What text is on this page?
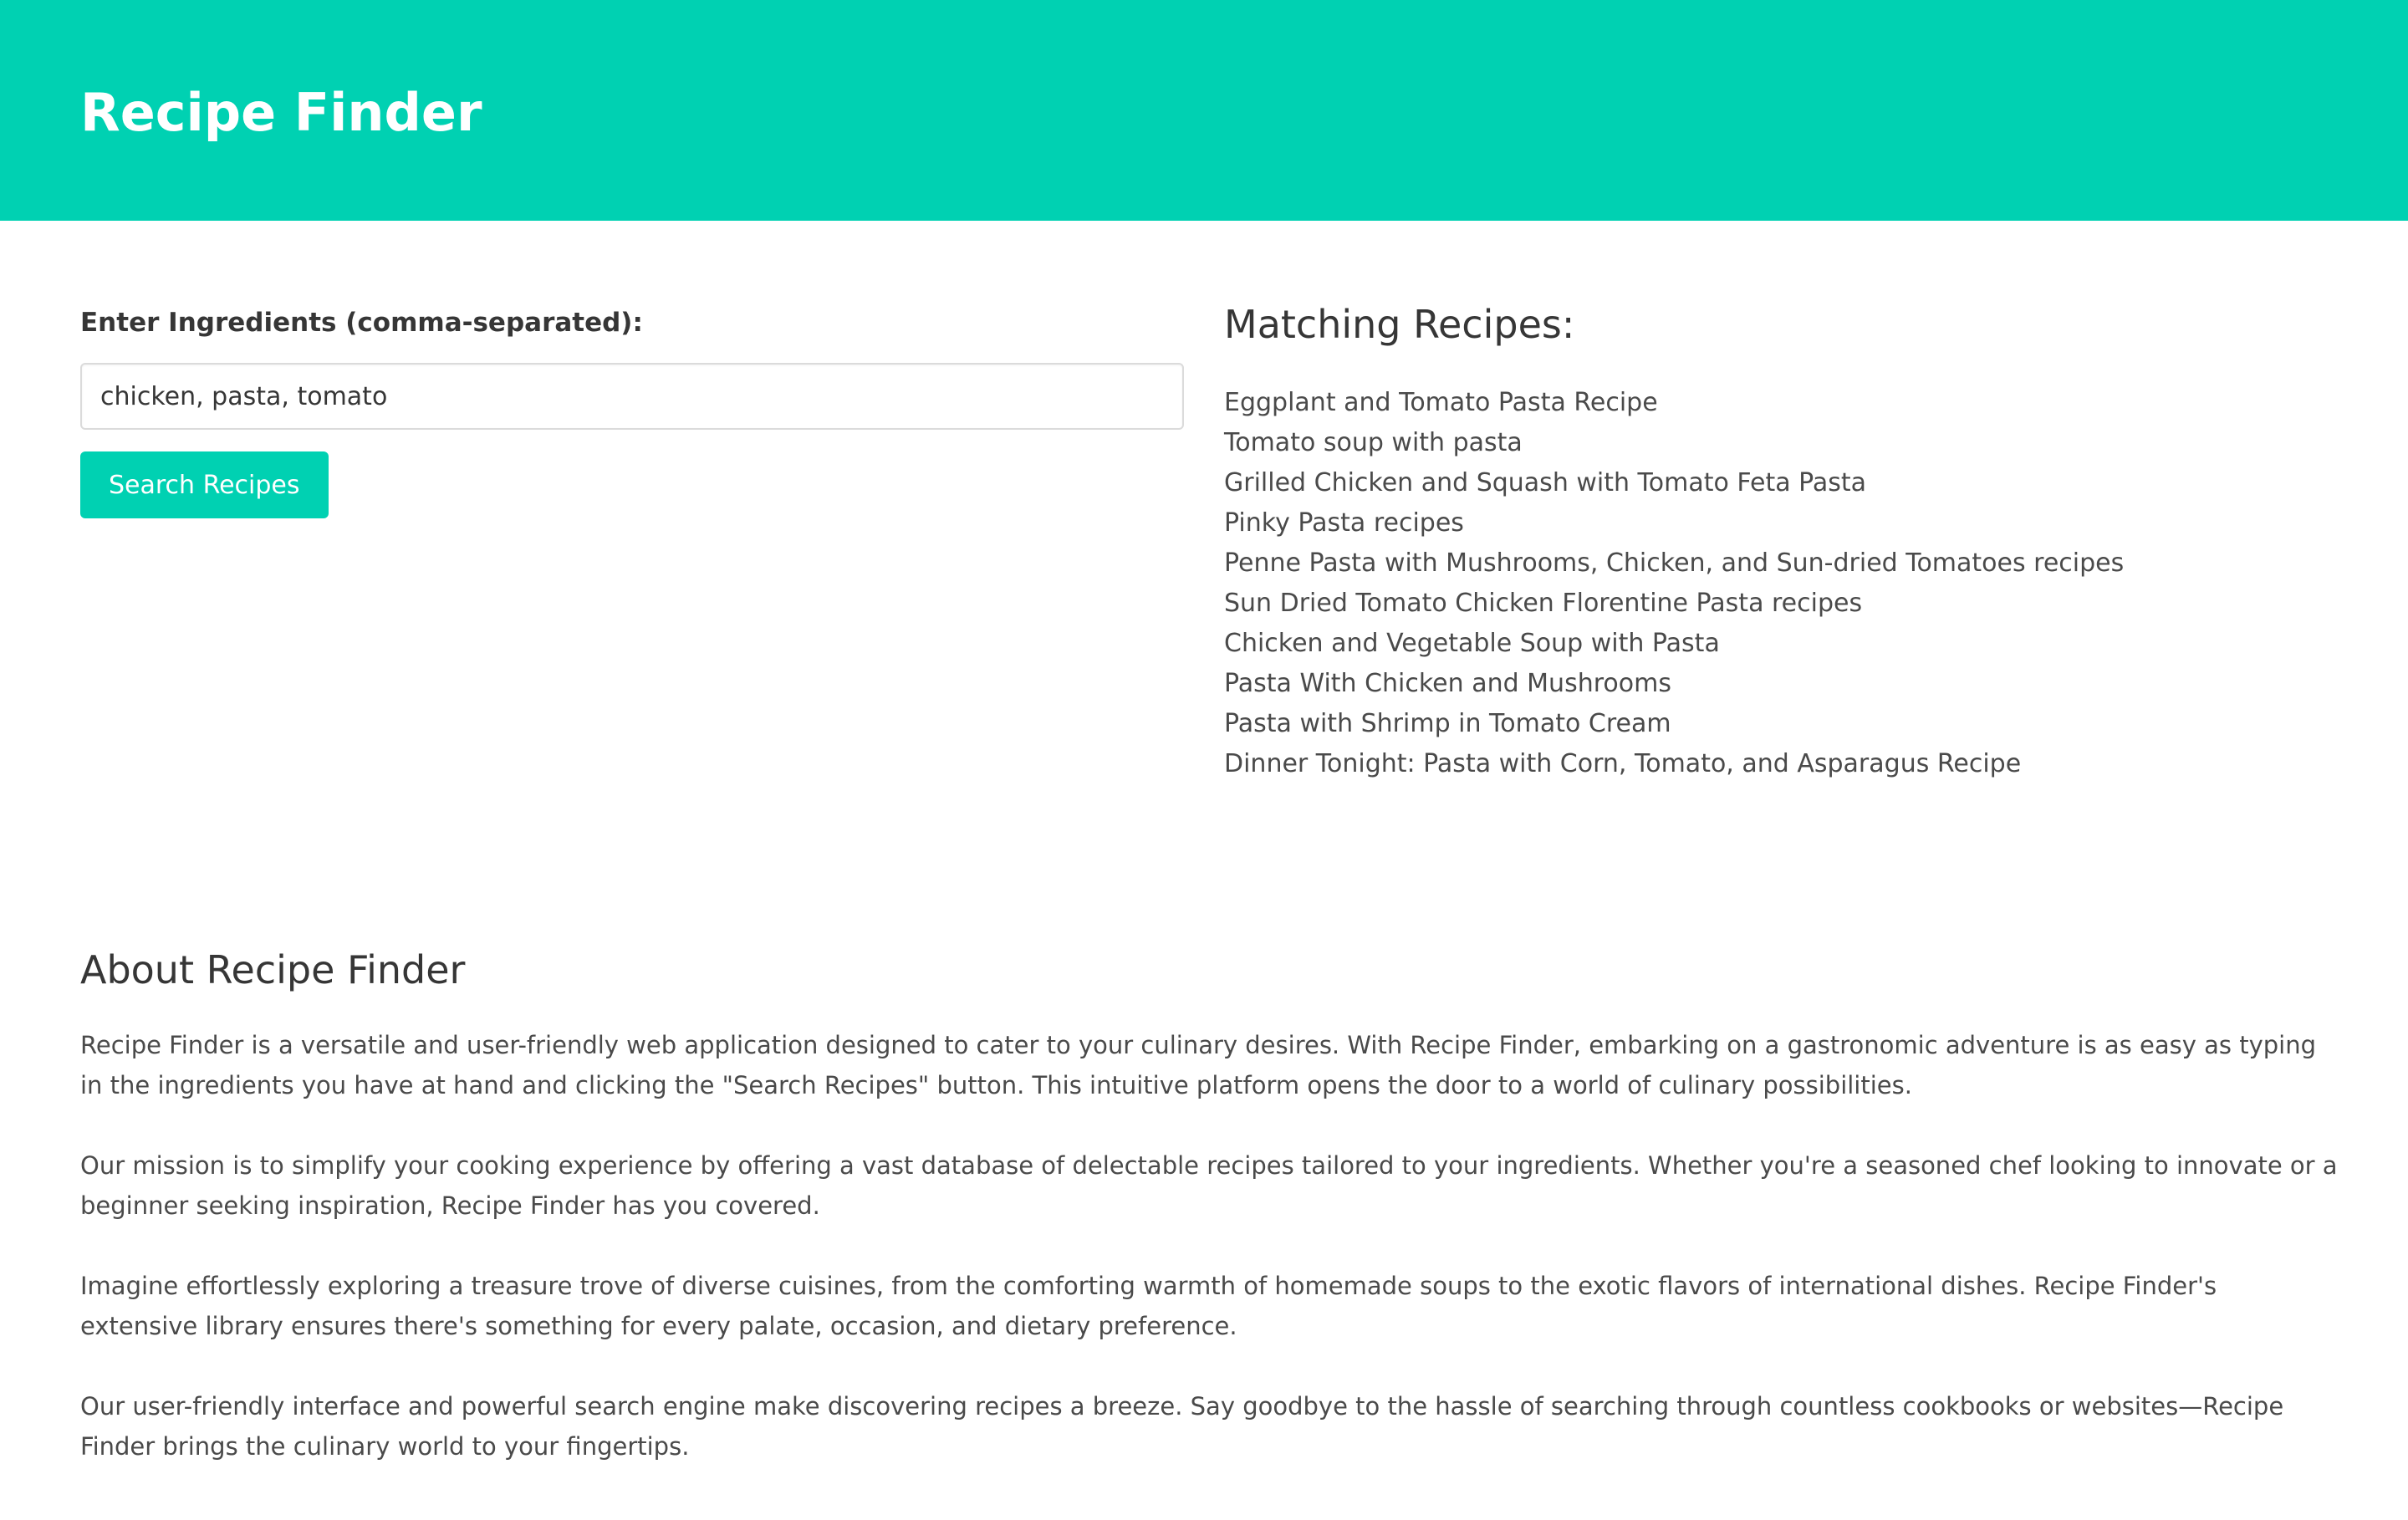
Recipe Finder
Enter Ingredients (comma-separated):
chicken, pasta, tomato
Search Recipes
Matching Recipes:
Eggplant and Tomato Pasta Recipe
Tomato soup with pasta
Grilled Chicken and Squash with Tomato Feta Pasta
Pinky Pasta recipes
Penne Pasta with Mushrooms, Chicken, and Sun-dried Tomatoes recipes
Sun Dried Tomato Chicken Florentine Pasta recipes
Chicken and Vegetable Soup with Pasta
Pasta With Chicken and Mushrooms
Pasta with Shrimp in Tomato Cream
Dinner Tonight: Pasta with Corn, Tomato, and Asparagus Recipe
About Recipe Finder

Recipe Finder is a versatile and user-friendly web application designed to cater to your culinary desires. With Recipe Finder, embarking on a gastronomic adventure is as easy as typing in the ingredients you have at hand and clicking the "Search Recipes" button. This intuitive platform opens the door to a world of culinary possibilities.

Our mission is to simplify your cooking experience by offering a vast database of delectable recipes tailored to your ingredients. Whether you're a seasoned chef looking to innovate or a beginner seeking inspiration, Recipe Finder has you covered.

Imagine effortlessly exploring a treasure trove of diverse cuisines, from the comforting warmth of homemade soups to the exotic flavors of international dishes. Recipe Finder's extensive library ensures there's something for every palate, occasion, and dietary preference.

Our user-friendly interface and powerful search engine make discovering recipes a breeze. Say goodbye to the hassle of searching through countless cookbooks or websites—Recipe Finder brings the culinary world to your fingertips.
